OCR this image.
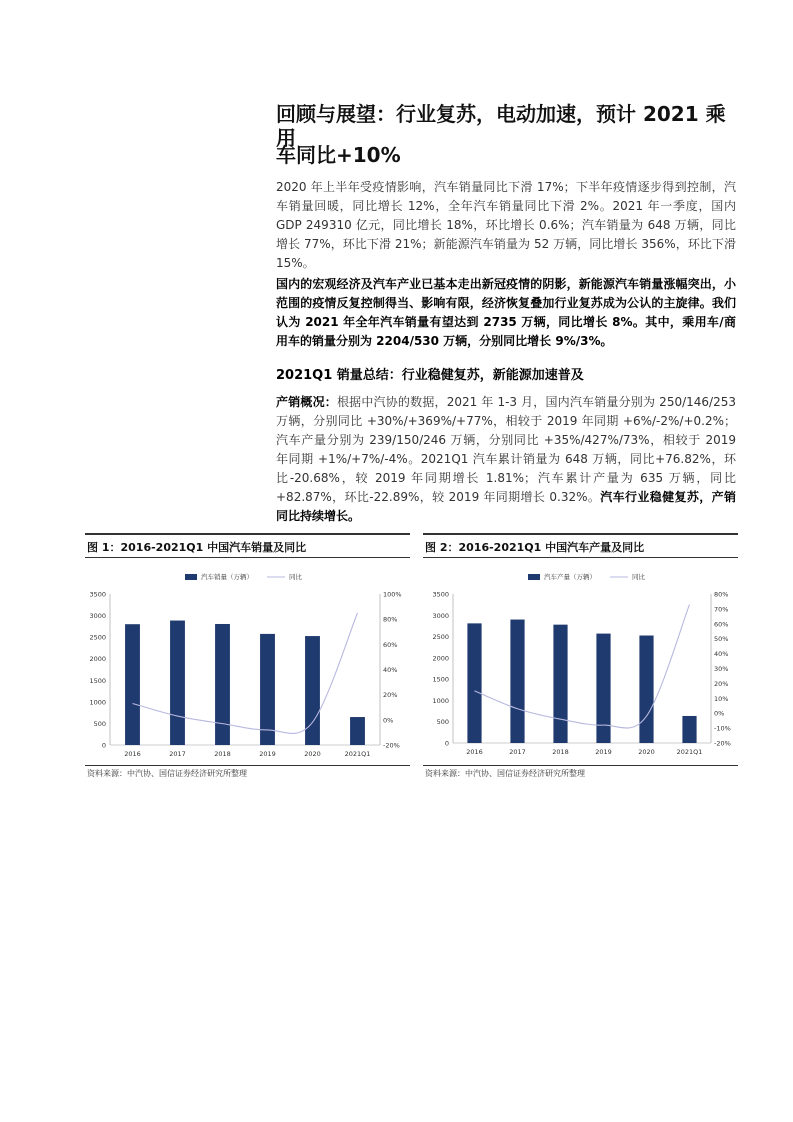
回顾与展望：行业复苏，电动加速，预计 2021 乘用
车同比+10%

2020 年上半年受疫情影响，汽车销量同比下滑 17%；下半年疫情逐步得到控制，汽车销量回暖，同比增长 12%，全年汽车销量同比下滑 2%。2021 年一季度，国内 GDP 249310 亿元，同比增长 18%，环比增长 0.6%；汽车销量为 648 万辆，同比增长 77%，环比下滑 21%；新能源汽车销量为 52 万辆，同比增长 356%，环比下滑 15%。

国内的宏观经济及汽车产业已基本走出新冠疫情的阴影，新能源汽车销量涨幅突出，小范围的疫情反复控制得当、影响有限，经济恢复叠加行业复苏成为公认的主旋律。我们认为 2021 年全年汽车销量有望达到 2735 万辆，同比增长 8%。其中，乘用车/商用车的销量分别为 2204/530 万辆，分别同比增长 9%/3%。

2021Q1 销量总结：行业稳健复苏，新能源加速普及

产销概况：根据中汽协的数据，2021 年 1-3 月，国内汽车销量分别为 250/146/253 万辆，分别同比 +30%/+369%/+77%，相较于 2019 年同期 +6%/-2%/+0.2%；汽车产量分别为 239/150/246 万辆，分别同比 +35%/427%/73%，相较于 2019 年同期 +1%/+7%/-4%。2021Q1 汽车累计销量为 648 万辆，同比+76.82%，环比-20.68%，较 2019 年同期增长 1.81%；汽车累计产量为 635 万辆，同比+82.87%，环比-22.89%，较 2019 年同期增长 0.32%。汽车行业稳健复苏，产销同比持续增长。

图 1：2016-2021Q1 中国汽车销量及同比
0
500
1000
1500
2000
2500
3000
3500
-20%
0%
20%
40%
60%
80%
100%
2016	2017	2018	2019	2020	2021Q1
汽车销量（万辆）	同比
资料来源：中汽协、国信证券经济研究所整理
图 2：2016-2021Q1 中国汽车产量及同比
0
500
1000
1500
2000
2500
3000
3500
-20%
-10%
0%
10%
20%
30%
40%
50%
60%
70%
80%
2016	2017	2018	2019	2020	2021Q1
汽车产量（万辆）	同比
资料来源：中汽协、国信证券经济研究所整理
